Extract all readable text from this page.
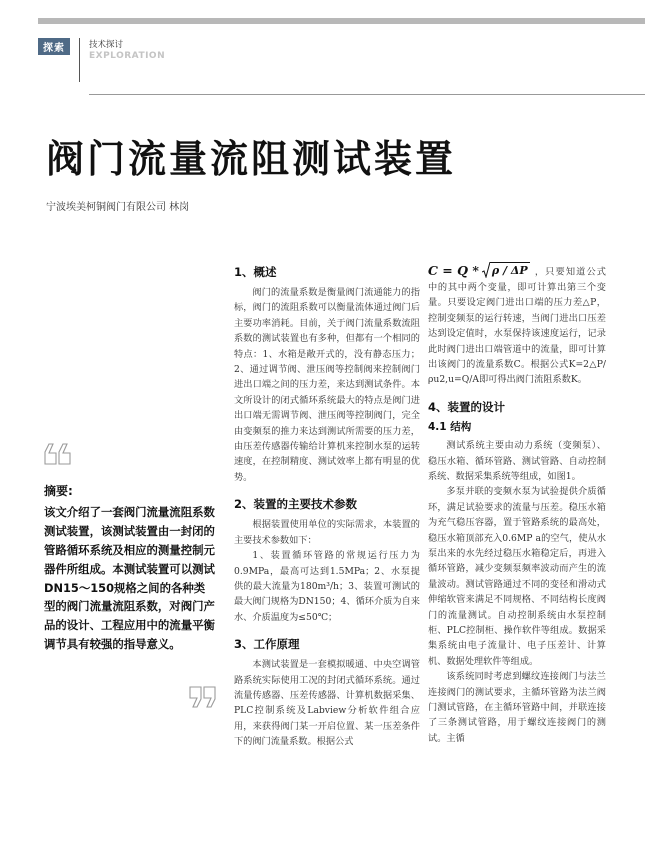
探索	技术探讨
EXPLORATION
阀门流量流阻测试装置
宁波埃美柯铜阀门有限公司 林岗
摘要:
该文介绍了一套阀门流量流阻系数测试装置，该测试装置由一封闭的管路循环系统及相应的测量控制元器件所组成。本测试装置可以测试DN15～150规格之间的各种类型的阀门流量流阻系数，对阀门产品的设计、工程应用中的流量平衡调节具有较强的指导意义。
1、概述

阀门的流量系数是衡量阀门流通能力的指标，阀门的流阻系数可以衡量流体通过阀门后主要功率消耗。目前，关于阀门流量系数流阻系数的测试装置也有多种，但都有一个相同的特点：1、水箱是敞开式的，没有静态压力；2、通过调节阀、泄压阀等控制阀来控制阀门进出口端之间的压力差，来达到测试条件。本文所设计的闭式循环系统最大的特点是阀门进出口端无需调节阀、泄压阀等控制阀门，完全由变频泵的推力来达到测试所需要的压力差，由压差传感器传输给计算机来控制水泵的运转速度，在控制精度、测试效率上都有明显的优势。

2、装置的主要技术参数

根据装置使用单位的实际需求，本装置的主要技术参数如下：

1、装置循环管路的常规运行压力为0.9MPa，最高可达到1.5MPa；2、水泵提供的最大流量为180m³/h；3、装置可测试的最大阀门规格为DN150；4、循环介质为自来水、介质温度为≤50℃；

3、工作原理

本测试装置是一套模拟暖通、中央空调管路系统实际使用工况的封闭式循环系统。通过流量传感器、压差传感器、计算机数据采集、PLC控制系统及Labview分析软件组合应用，来获得阀门某一开启位置、某一压差条件下的阀门流量系数。根据公式

C = Q * ρ / ΔP ，只要知道公式中的其中两个变量，即可计算出第三个变量。只要设定阀门进出口端的压力差△P，控制变频泵的运行转速，当阀门进出口压差达到设定值时，水泵保持该速度运行，记录此时阀门进出口端管道中的流量，即可计算出该阀门的流量系数C。根据公式K=2△P/ρu2,u=Q/A即可得出阀门流阻系数K。

4、装置的设计
4.1 结构

测试系统主要由动力系统（变频泵）、稳压水箱、循环管路、测试管路、自动控制系统、数据采集系统等组成，如图1。

多泵并联的变频水泵为试验提供介质循环，满足试验要求的流量与压差。稳压水箱为充气稳压容器，置于管路系统的最高处，稳压水箱顶部充入0.6MP a的空气，使从水泵出来的水先经过稳压水箱稳定后，再进入循环管路，减少变频泵频率波动而产生的流量波动。测试管路通过不同的变径和滑动式伸缩软管来满足不同规格、不同结构长度阀门的流量测试。自动控制系统由水泵控制柜、PLC控制柜、操作软件等组成。数据采集系统由电子流量计、电子压差计、计算机、数据处理软件等组成。

该系统同时考虑到螺纹连接阀门与法兰连接阀门的测试要求，主循环管路为法兰阀门测试管路，在主循环管路中间，并联连接了三条测试管路，用于螺纹连接阀门的测试。主循
